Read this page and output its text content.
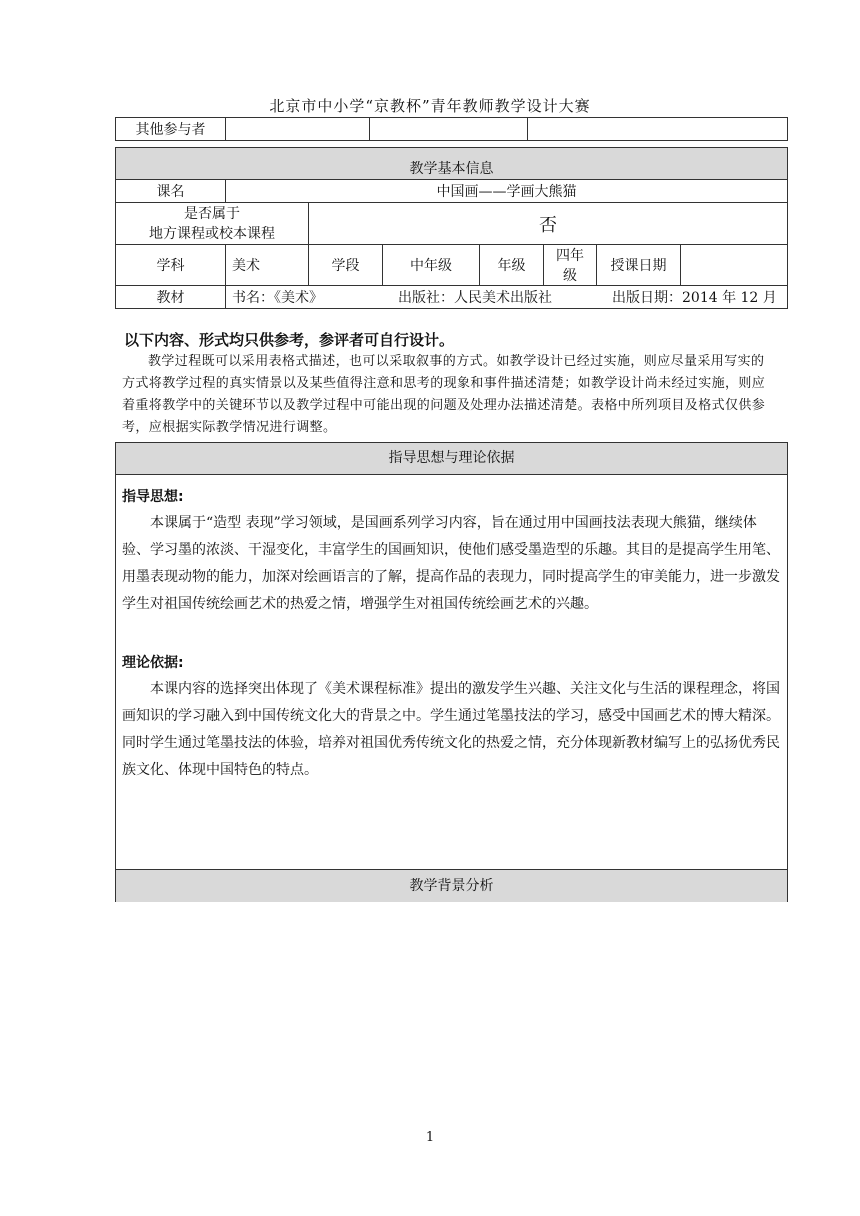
北京市中小学“京教杯”青年教师教学设计大赛
其他参与者			
教学基本信息							
课名	中国画——学画大熊猫						

是否属于
地方课程或校本课程		否					
学科	美术	学段	中年级	年级	四年级	授课日期	
教材	书名：《美术》 出版社：人民美术出版社 出版日期：2014 年 12 月						
以下内容、形式均只供参考，参评者可自行设计。
教学过程既可以采用表格式描述，也可以采取叙事的方式。如教学设计已经过实施，则应尽量采用写实的方式将教学过程的真实情景以及某些值得注意和思考的现象和事件描述清楚；如教学设计尚未经过实施，则应着重将教学中的关键环节以及教学过程中可能出现的问题及处理办法描述清楚。表格中所列项目及格式仅供参考，应根据实际教学情况进行调整。
指导思想与理论依据
指导思想:
本课属于“造型 表现”学习领域，是国画系列学习内容，旨在通过用中国画技法表现大熊猫，继续体验、学习墨的浓淡、干湿变化，丰富学生的国画知识，使他们感受墨造型的乐趣。其目的是提高学生用笔、用墨表现动物的能力，加深对绘画语言的了解，提高作品的表现力，同时提高学生的审美能力，进一步激发学生对祖国传统绘画艺术的热爱之情，增强学生对祖国传统绘画艺术的兴趣。
理论依据:
本课内容的选择突出体现了《美术课程标准》提出的激发学生兴趣、关注文化与生活的课程理念，将国画知识的学习融入到中国传统文化大的背景之中。学生通过笔墨技法的学习，感受中国画艺术的博大精深。同时学生通过笔墨技法的体验，培养对祖国优秀传统文化的热爱之情，充分体现新教材编写上的弘扬优秀民族文化、体现中国特色的特点。
教学背景分析
1
